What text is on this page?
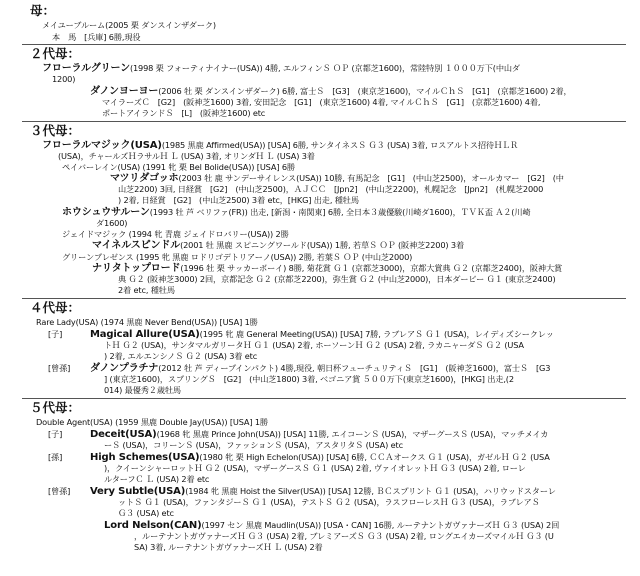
母：
メイユーブルーム(2005 栗 ダンスインザダーク)
本　馬　[兵庫] 6勝,現役
２代母：
フローラルグリーン(1998 栗 フォーティナイナー(USA)) 4勝, エルフィンＳ ＯＰ (京都芝1600)，常陸特別 １０００万下(中山ダ
1200)
ダノンヨーヨー(2006 牡 栗 ダンスインザダーク) 6勝, 富士Ｓ　[G3]　(東京芝1600)，マイルＣｈＳ　[G1]　(京都芝1600) 2着，
マイラーズＣ　[G2]　(阪神芝1600) 3着, 安田記念　[G1]　(東京芝1600) 4着, マイルＣｈＳ　[G1]　(京都芝1600) 4着,
ポートアイランドＳ　[L]　(阪神芝1600) etc
３代母：
フローラルマジック(USA)(1985 黒鹿 Affirmed(USA)) [USA] 6勝, サンタイネスＳ Ｇ３ (USA) 3着, ロスアルトス招待ＨＬＲ
(USA)，チャールズＨラサルＨ Ｌ (USA) 3着, オリンダＨ Ｌ (USA) 3着
ペイバーレイン(USA) (1991 牝 栗 Bel Bolide(USA)) [USA] 6勝
マツリダゴッホ(2003 牡 鹿 サンデーサイレンス(USA)) 10勝, 有馬記念　[G1]　(中山芝2500)，オールカマー　[G2]　(中
山芝2200) 3回, 日経賞　[G2]　(中山芝2500)，ＡＪＣＣ　[Jpn2]　(中山芝2200)，札幌記念　[Jpn2]　(札幌芝2000
) 2着, 日経賞　[G2]　(中山芝2500) 3着 etc，[HKG] 出走, 種牡馬
ホウシュウサルーン(1993 牡 芦 ベリファ(FR)) 出走, [新潟・南関東] 6勝, 全日本３歳優駿(川崎ダ1600)，ＴＶＫ盃 Ａ２(川崎
ダ1600)
ジェイドマジック (1994 牝 青鹿 ジェイドロバリー(USA)) 2勝
マイネルスピンドル(2001 牡 黒鹿 スピニングワールド(USA)) 1勝, 若草Ｓ ＯＰ (阪神芝2200) 3着
グリーンプレゼンス (1995 牝 黒鹿 ロドリゴデトリアーノ(USA)) 2勝, 若葉Ｓ ＯＰ (中山芝2000)
ナリタトップロード(1996 牡 栗 サッカーボーイ) 8勝, 菊花賞 Ｇ１ (京都芝3000)，京都大賞典 Ｇ２ (京都芝2400)，阪神大賞
典 Ｇ２ (阪神芝3000) 2回，京都記念 Ｇ２ (京都芝2200)，弥生賞 Ｇ２ (中山芝2000)，日本ダービー Ｇ１ (東京芝2400)
2着 etc, 種牡馬
４代母：
Rare Lady(USA) (1974 黒鹿 Never Bend(USA)) [USA] 1勝
[子]	Magical Allure(USA)(1995 牝 鹿 General Meeting(USA)) [USA] 7勝, ラブレアＳ Ｇ１ (USA)，レイディズシークレッ
トＨ Ｇ２ (USA)，サンタマルガリータＨ Ｇ１ (USA) 2着, ホーソーンＨ Ｇ２ (USA) 2着, ラカニャーダＳ Ｇ２ (USA
) 2着, エルエンシノＳ Ｇ２ (USA) 3着 etc
[曾孫] ダノンプラチナ(2012 牡 芦 ディープインパクト) 4勝,現役, 朝日杯フューチュリティＳ　[G1]　(阪神芝1600)，富士Ｓ　[G3
] (東京芝1600)，スプリングＳ　[G2]　(中山芝1800) 3着, ベゴニア賞 ５００万下(東京芝1600)，[HKG] 出走,(2
014) 最優秀２歳牡馬
５代母：
Double Agent(USA) (1959 黒鹿 Double Jay(USA)) [USA] 1勝
[子]	Deceit(USA)(1968 牝 黒鹿 Prince John(USA)) [USA] 11勝, エイコーンＳ (USA)，マザーグースＳ (USA)，マッチメイカ
ーＳ (USA)，コリーンＳ (USA)，ファッションＳ (USA)，アスタリタＳ (USA) etc
[孫]	High Schemes(USA)(1980 牝 栗 High Echelon(USA)) [USA] 6勝, ＣＣＡオークス Ｇ１ (USA)，ガゼルＨ Ｇ２ (USA
)，クイーンシャーロットＨ Ｇ２ (USA)，マザーグースＳ Ｇ１ (USA) 2着, ヴァイオレットＨ Ｇ３ (USA) 2着, ローレ
ルターフＣ Ｌ (USA) 2着 etc
[曾孫] Very Subtle(USA)(1984 牝 黒鹿 Hoist the Silver(USA)) [USA] 12勝, ＢＣスプリント Ｇ１ (USA)，ハリウッドスターレ
ットＳ Ｇ１ (USA)，ファンタジーＳ Ｇ１ (USA)，テストＳ Ｇ２ (USA)，ラスフローレスＨ Ｇ３ (USA)，ラブレアＳ
Ｇ３ (USA) etc
Lord Nelson(CAN)(1997 セン 黒鹿 Maudlin(USA)) [USA・CAN] 16勝, ルーテナントガヴァナーズＨ Ｇ３ (USA) 2回
，ルーテナントガヴァナーズＨ Ｇ３ (USA) 2着, ブレミアーズＳ Ｇ３ (USA) 2着, ロングエイカーズマイルＨ Ｇ３ (U
SA) 3着, ルーテナントガヴァナーズＨ Ｌ (USA) 2着
